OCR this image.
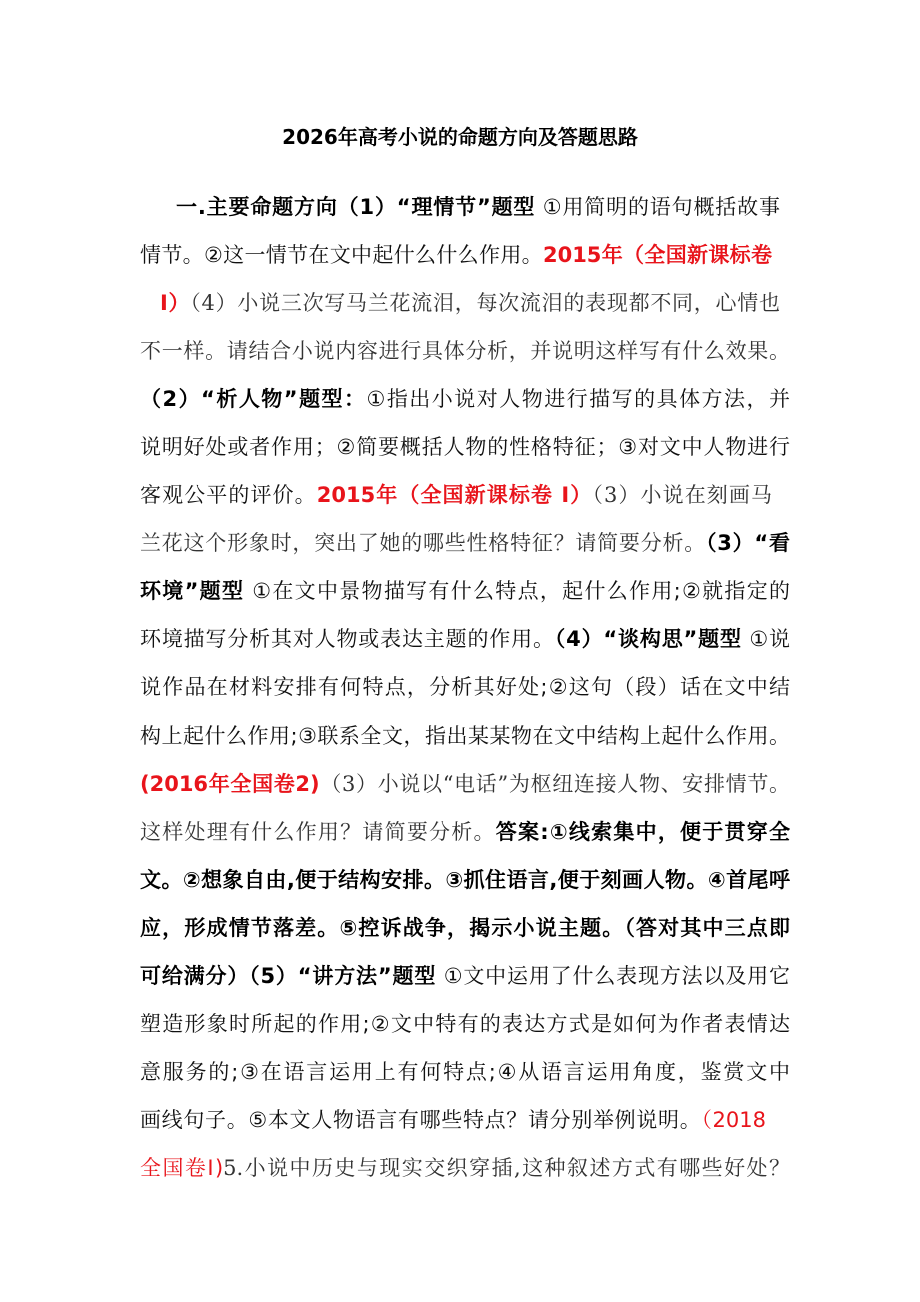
2026年高考小说的命题方向及答题思路
一.主要命题方向（1）“理情节”题型 ①用简明的语句概括故事
情节。②这一情节在文中起什么什么作用。2015年（全国新课标卷
Ⅰ）（4）小说三次写马兰花流泪，每次流泪的表现都不同，心情也
不一样。请结合小说内容进行具体分析，并说明这样写有什么效果。
（2）“析人物”题型：①指出小说对人物进行描写的具体方法，并
说明好处或者作用；②简要概括人物的性格特征；③对文中人物进行
客观公平的评价。2015年（全国新课标卷 Ⅰ）（3）小说在刻画马
兰花这个形象时，突出了她的哪些性格特征？请简要分析。（3）“看
环境”题型 ①在文中景物描写有什么特点，起什么作用;②就指定的
环境描写分析其对人物或表达主题的作用。（4）“谈构思”题型 ①说
说作品在材料安排有何特点，分析其好处;②这句（段）话在文中结
构上起什么作用;③联系全文，指出某某物在文中结构上起什么作用。
(2016年全国卷2)（3）小说以“电话”为枢纽连接人物、安排情节。
这样处理有什么作用？请简要分析。答案:①线索集中，便于贯穿全
文。②想象自由,便于结构安排。③抓住语言,便于刻画人物。④首尾呼
应，形成情节落差。⑤控诉战争，揭示小说主题。（答对其中三点即
可给满分）（5）“讲方法”题型 ①文中运用了什么表现方法以及用它
塑造形象时所起的作用;②文中特有的表达方式是如何为作者表情达
意服务的;③在语言运用上有何特点;④从语言运用角度，鉴赏文中
画线句子。⑤本文人物语言有哪些特点？请分别举例说明。（2018
全国卷Ⅰ)5.小说中历史与现实交织穿插,这种叙述方式有哪些好处？
